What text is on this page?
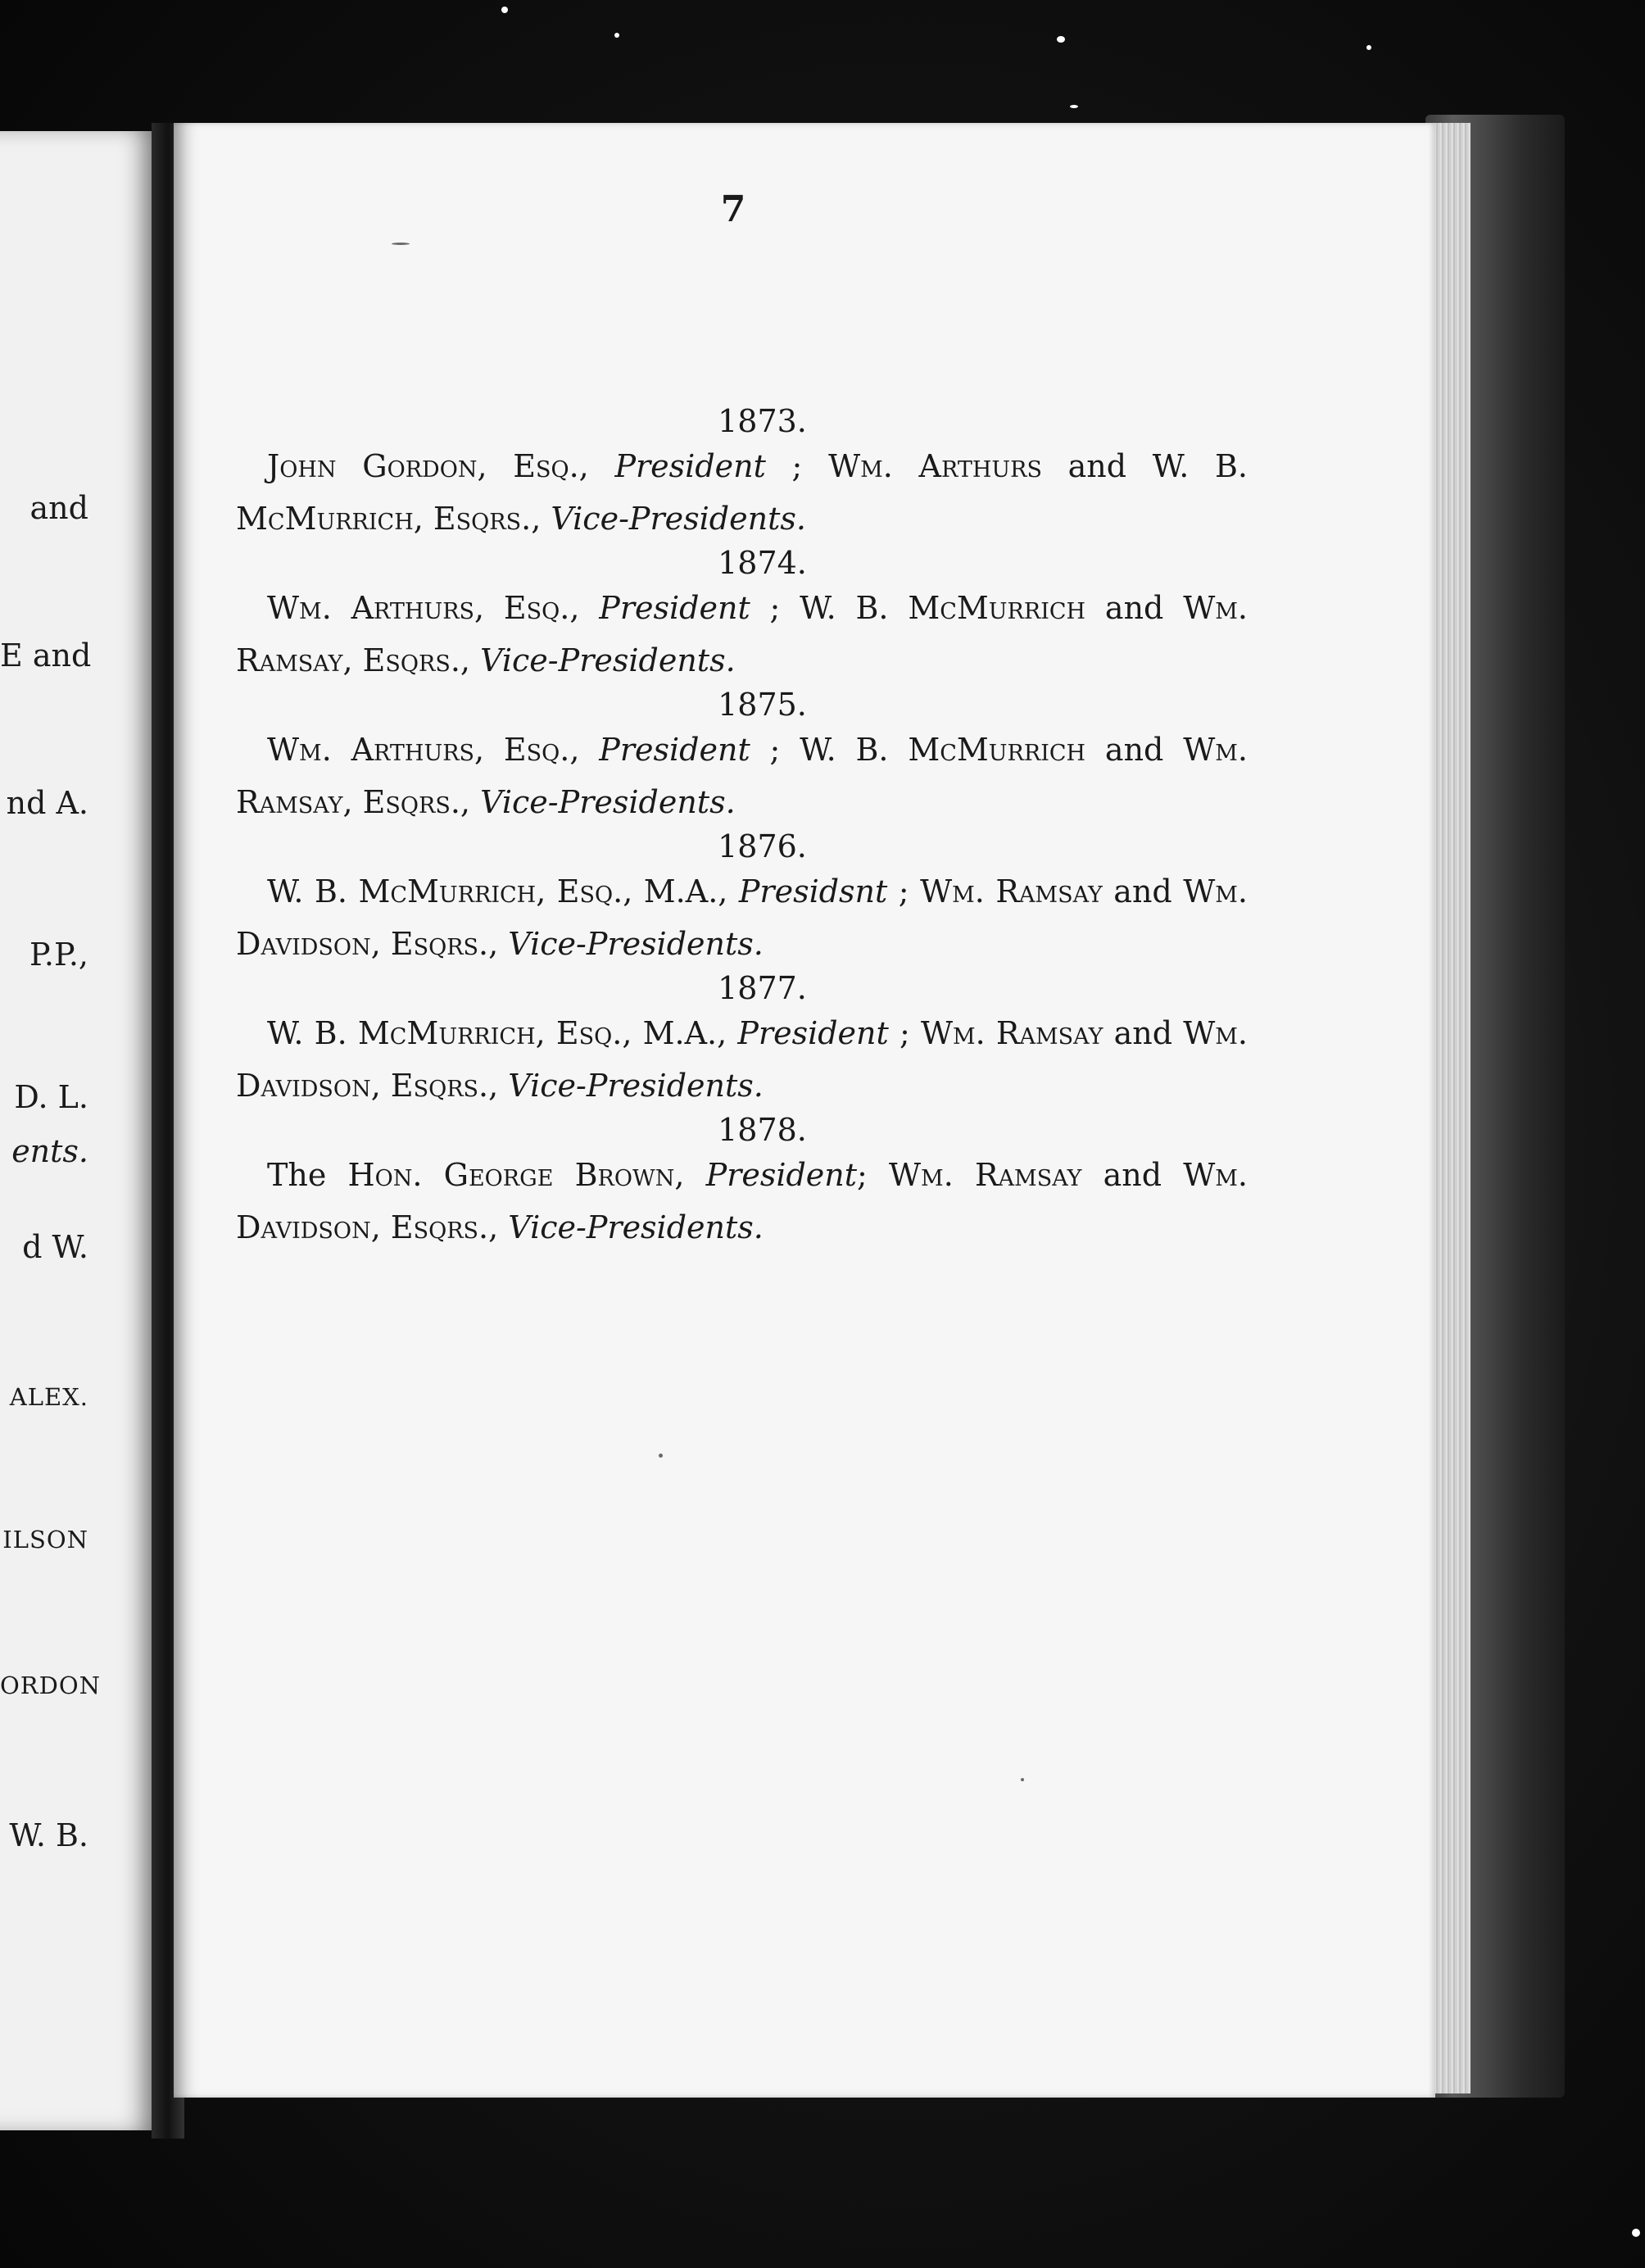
and
E and
nd A.
P.P.,
D. L.
ents.
d W.
ALEX.
ILSON
ORDON
W. B.
7
1873.
John Gordon, Esq., President ; Wm. Arthurs and W. B. McMurrich, Esqrs., Vice-Presidents.
1874.
Wm. Arthurs, Esq., President ; W. B. McMurrich and Wm. Ramsay, Esqrs., Vice-Presidents.
1875.
Wm. Arthurs, Esq., President ; W. B. McMurrich and Wm. Ramsay, Esqrs., Vice-Presidents.
1876.
W. B. McMurrich, Esq., M.A., Presidsnt ; Wm. Ramsay and Wm. Davidson, Esqrs., Vice-Presidents.
1877.
W. B. McMurrich, Esq., M.A., President ; Wm. Ramsay and Wm. Davidson, Esqrs., Vice-Presidents.
1878.
The Hon. George Brown, President; Wm. Ramsay and Wm. Davidson, Esqrs., Vice-Presidents.
